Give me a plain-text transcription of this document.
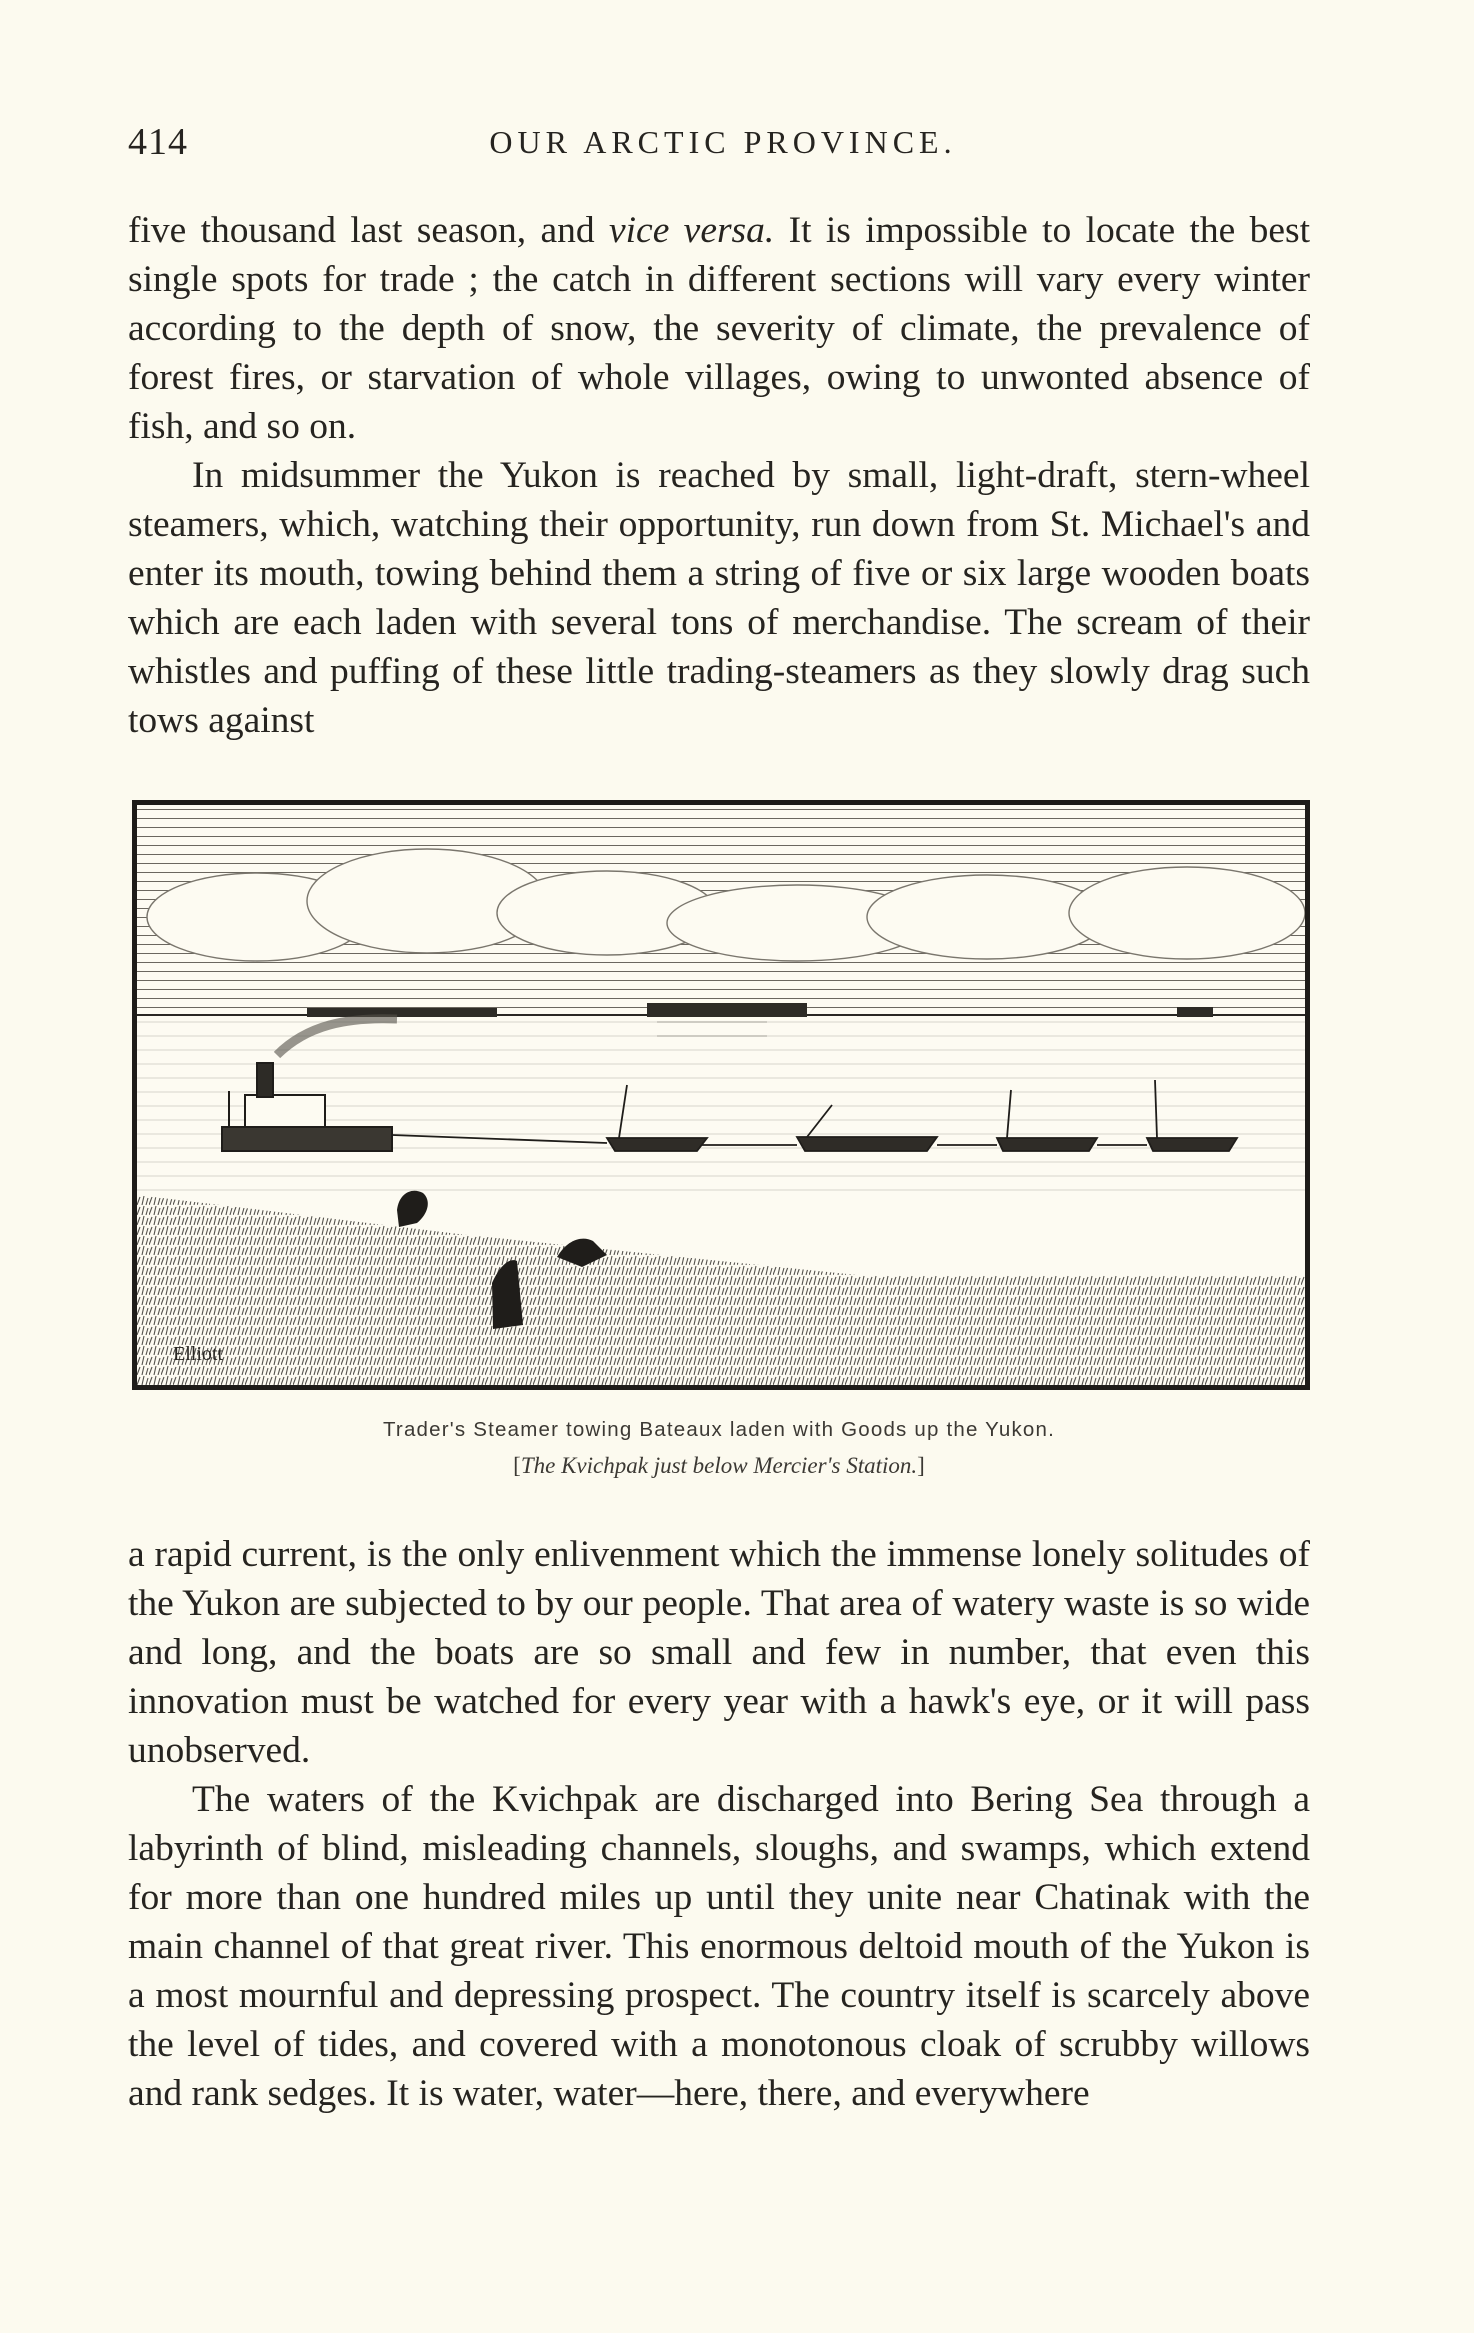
414	OUR ARCTIC PROVINCE.

five thousand last season, and vice versa. It is impossible to locate the best single spots for trade ; the catch in different sections will vary every winter according to the depth of snow, the severity of climate, the prevalence of forest fires, or starvation of whole villages, owing to unwonted absence of fish, and so on.

In midsummer the Yukon is reached by small, light-draft, stern-wheel steamers, which, watching their opportunity, run down from St. Michael's and enter its mouth, towing behind them a string of five or six large wooden boats which are each laden with several tons of merchandise. The scream of their whistles and puffing of these little trading-steamers as they slowly drag such tows against

Elliott
Trader's Steamer towing Bateaux laden with Goods up the Yukon.
[The Kvichpak just below Mercier's Station.]

a rapid current, is the only enlivenment which the immense lonely solitudes of the Yukon are subjected to by our people. That area of watery waste is so wide and long, and the boats are so small and few in number, that even this innovation must be watched for every year with a hawk's eye, or it will pass unobserved.

The waters of the Kvichpak are discharged into Bering Sea through a labyrinth of blind, misleading channels, sloughs, and swamps, which extend for more than one hundred miles up until they unite near Chatinak with the main channel of that great river. This enormous deltoid mouth of the Yukon is a most mournful and depressing prospect. The country itself is scarcely above the level of tides, and covered with a monotonous cloak of scrubby willows and rank sedges. It is water, water—here, there, and everywhere
